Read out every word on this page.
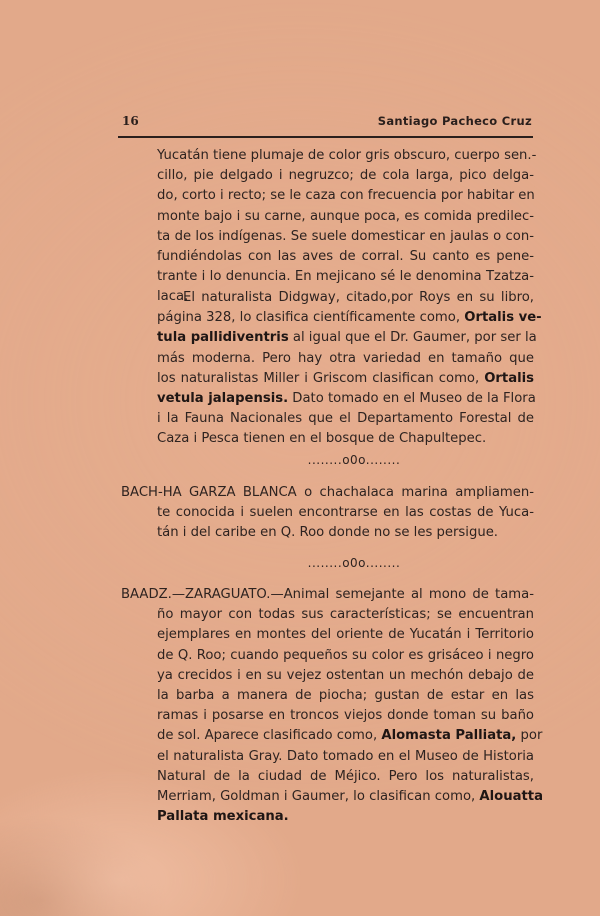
16	Santiago Pacheco Cruz
Yucatán tiene plumaje de color gris obscuro, cuerpo sen.-
cillo, pie delgado i negruzco; de cola larga, pico delga-
do, corto i recto; se le caza con frecuencia por habitar en
monte bajo i su carne, aunque poca, es comida predilec-
ta de los indígenas. Se suele domesticar en jaulas o con-
fundiéndolas con las aves de corral. Su canto es pene-
trante i lo denuncia. En mejicano sé le denomina Tzatza-
laca.
El naturalista Didgway, citado,por Roys en su libro,
página 328, lo clasifica científicamente como, Ortalis ve-
tula pallidiventris al igual que el Dr. Gaumer, por ser la
más moderna. Pero hay otra variedad en tamaño que
los naturalistas Miller i Griscom clasifican como, Ortalis
vetula jalapensis. Dato tomado en el Museo de la Flora
i la Fauna Nacionales que el Departamento Forestal de
Caza i Pesca tienen en el bosque de Chapultepec.
........o0o........
BACH-HA GARZA BLANCA o chachalaca marina ampliamen-
te conocida i suelen encontrarse en las costas de Yuca-
tán i del caribe en Q. Roo donde no se les persigue.
........o0o........
BAADZ.—ZARAGUATO.—Animal semejante al mono de tama-
ño mayor con todas sus características; se encuentran
ejemplares en montes del oriente de Yucatán i Territorio
de Q. Roo; cuando pequeños su color es grisáceo i negro
ya crecidos i en su vejez ostentan un mechón debajo de
la barba a manera de piocha; gustan de estar en las
ramas i posarse en troncos viejos donde toman su baño
de sol. Aparece clasificado como, Alomasta Palliata, por
el naturalista Gray. Dato tomado en el Museo de Historia
Natural de la ciudad de Méjico. Pero los naturalistas,
Merriam, Goldman i Gaumer, lo clasifican como, Alouatta
Pallata mexicana.
